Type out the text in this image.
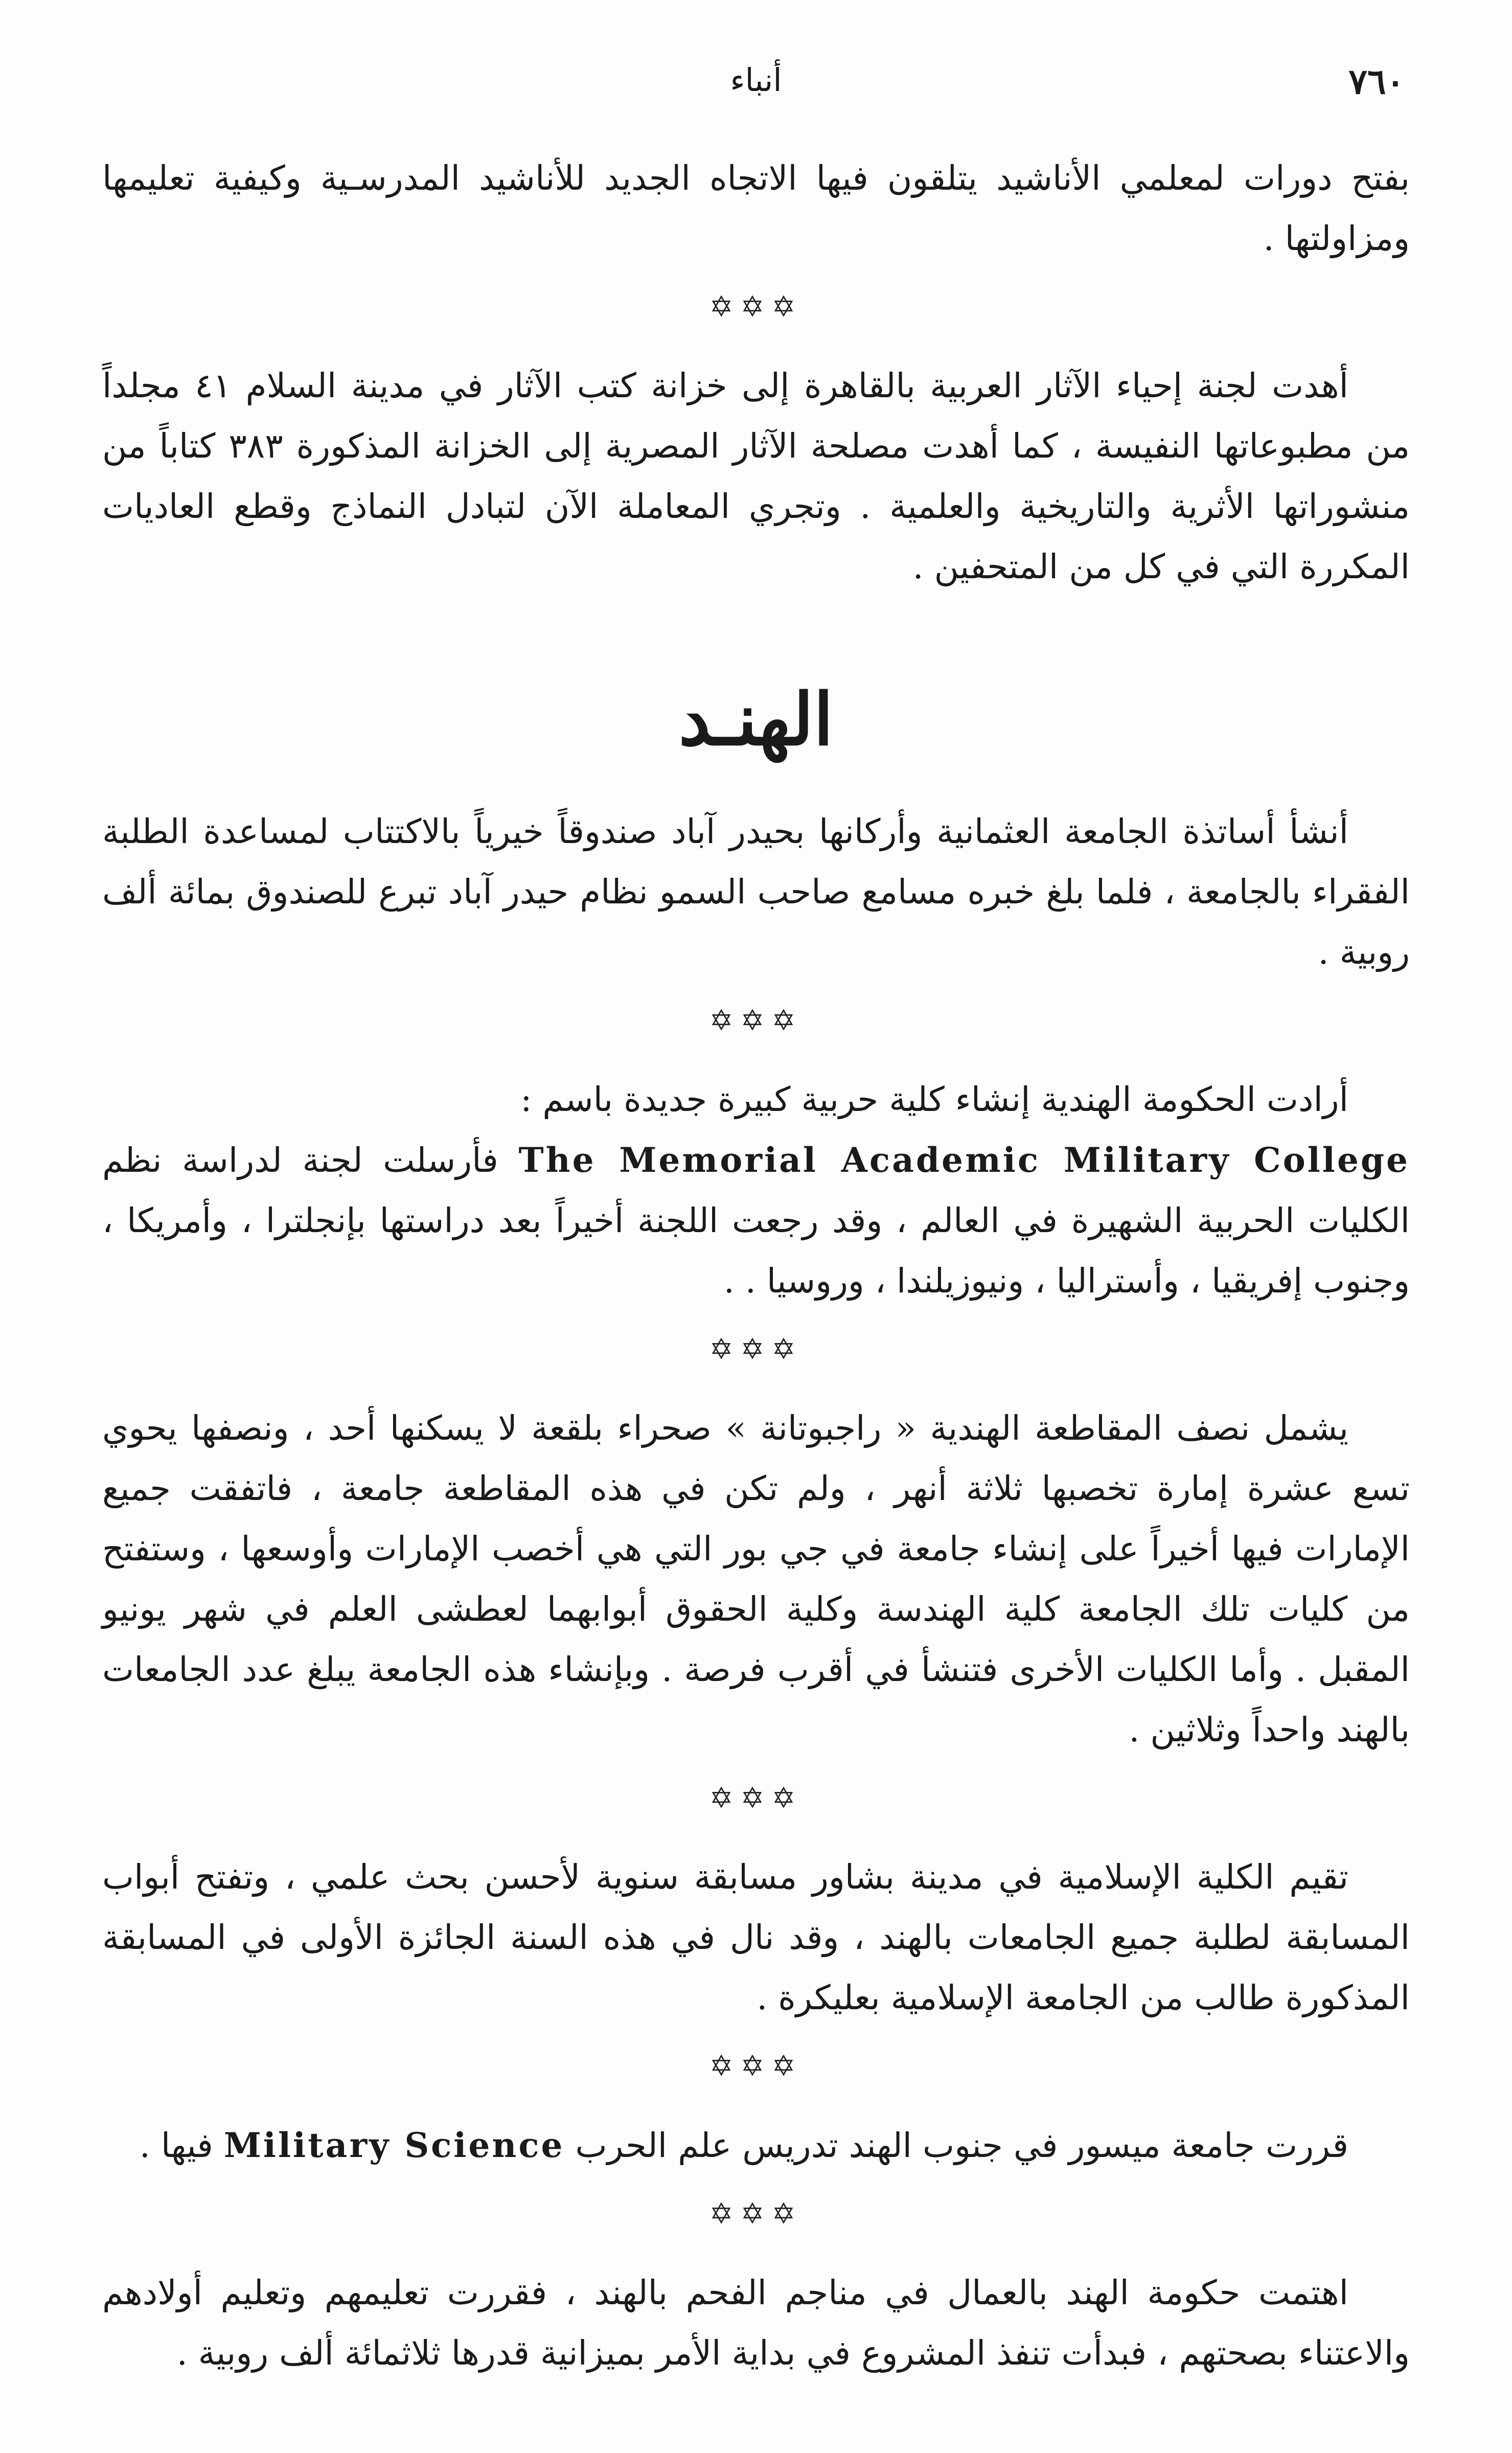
٧٦٠
أنباء

بفتح دورات لمعلمي الأناشيد يتلقون فيها الاتجاه الجديد للأناشيد المدرسـية وكيفية تعليمها ومزاولتها .

✡✡✡

أهدت لجنة إحياء الآثار العربية بالقاهرة إلى خزانة كتب الآثار في مدينة السلام ٤١ مجلداً من مطبوعاتها النفيسة ، كما أهدت مصلحة الآثار المصرية إلى الخزانة المذكورة ٣٨٣ كتاباً من منشوراتها الأثرية والتاريخية والعلمية . وتجري المعاملة الآن لتبادل النماذج وقطع العاديات المكررة التي في كل من المتحفين .

الهنـد

أنشأ أساتذة الجامعة العثمانية وأركانها بحيدر آباد صندوقاً خيرياً بالاكتتاب لمساعدة الطلبة الفقراء بالجامعة ، فلما بلغ خبره مسامع صاحب السمو نظام حيدر آباد تبرع للصندوق بمائة ألف روبية .

✡✡✡

أرادت الحكومة الهندية إنشاء كلية حربية كبيرة جديدة باسم :

The Memorial Academic Military College فأرسلت لجنة لدراسة نظم الكليات الحربية الشهيرة في العالم ، وقد رجعت اللجنة أخيراً بعد دراستها بإنجلترا ، وأمريكا ، وجنوب إفريقيا ، وأستراليا ، ونيوزيلندا ، وروسيا . .

✡✡✡

يشمل نصف المقاطعة الهندية « راجبوتانة » صحراء بلقعة لا يسكنها أحد ، ونصفها يحوي تسع عشرة إمارة تخصبها ثلاثة أنهر ، ولم تكن في هذه المقاطعة جامعة ، فاتفقت جميع الإمارات فيها أخيراً على إنشاء جامعة في جي بور التي هي أخصب الإمارات وأوسعها ، وستفتح من كليات تلك الجامعة كلية الهندسة وكلية الحقوق أبوابهما لعطشى العلم في شهر يونيو المقبل . وأما الكليات الأخرى فتنشأ في أقرب فرصة . وبإنشاء هذه الجامعة يبلغ عدد الجامعات بالهند واحداً وثلاثين .

✡✡✡

تقيم الكلية الإسلامية في مدينة بشاور مسابقة سنوية لأحسن بحث علمي ، وتفتح أبواب المسابقة لطلبة جميع الجامعات بالهند ، وقد نال في هذه السنة الجائزة الأولى في المسابقة المذكورة طالب من الجامعة الإسلامية بعليكرة .

✡✡✡

قررت جامعة ميسور في جنوب الهند تدريس علم الحرب Military Science فيها .

✡✡✡

اهتمت حكومة الهند بالعمال في مناجم الفحم بالهند ، فقررت تعليمهم وتعليم أولادهم والاعتناء بصحتهم ، فبدأت تنفذ المشروع في بداية الأمر بميزانية قدرها ثلاثمائة ألف روبية .
